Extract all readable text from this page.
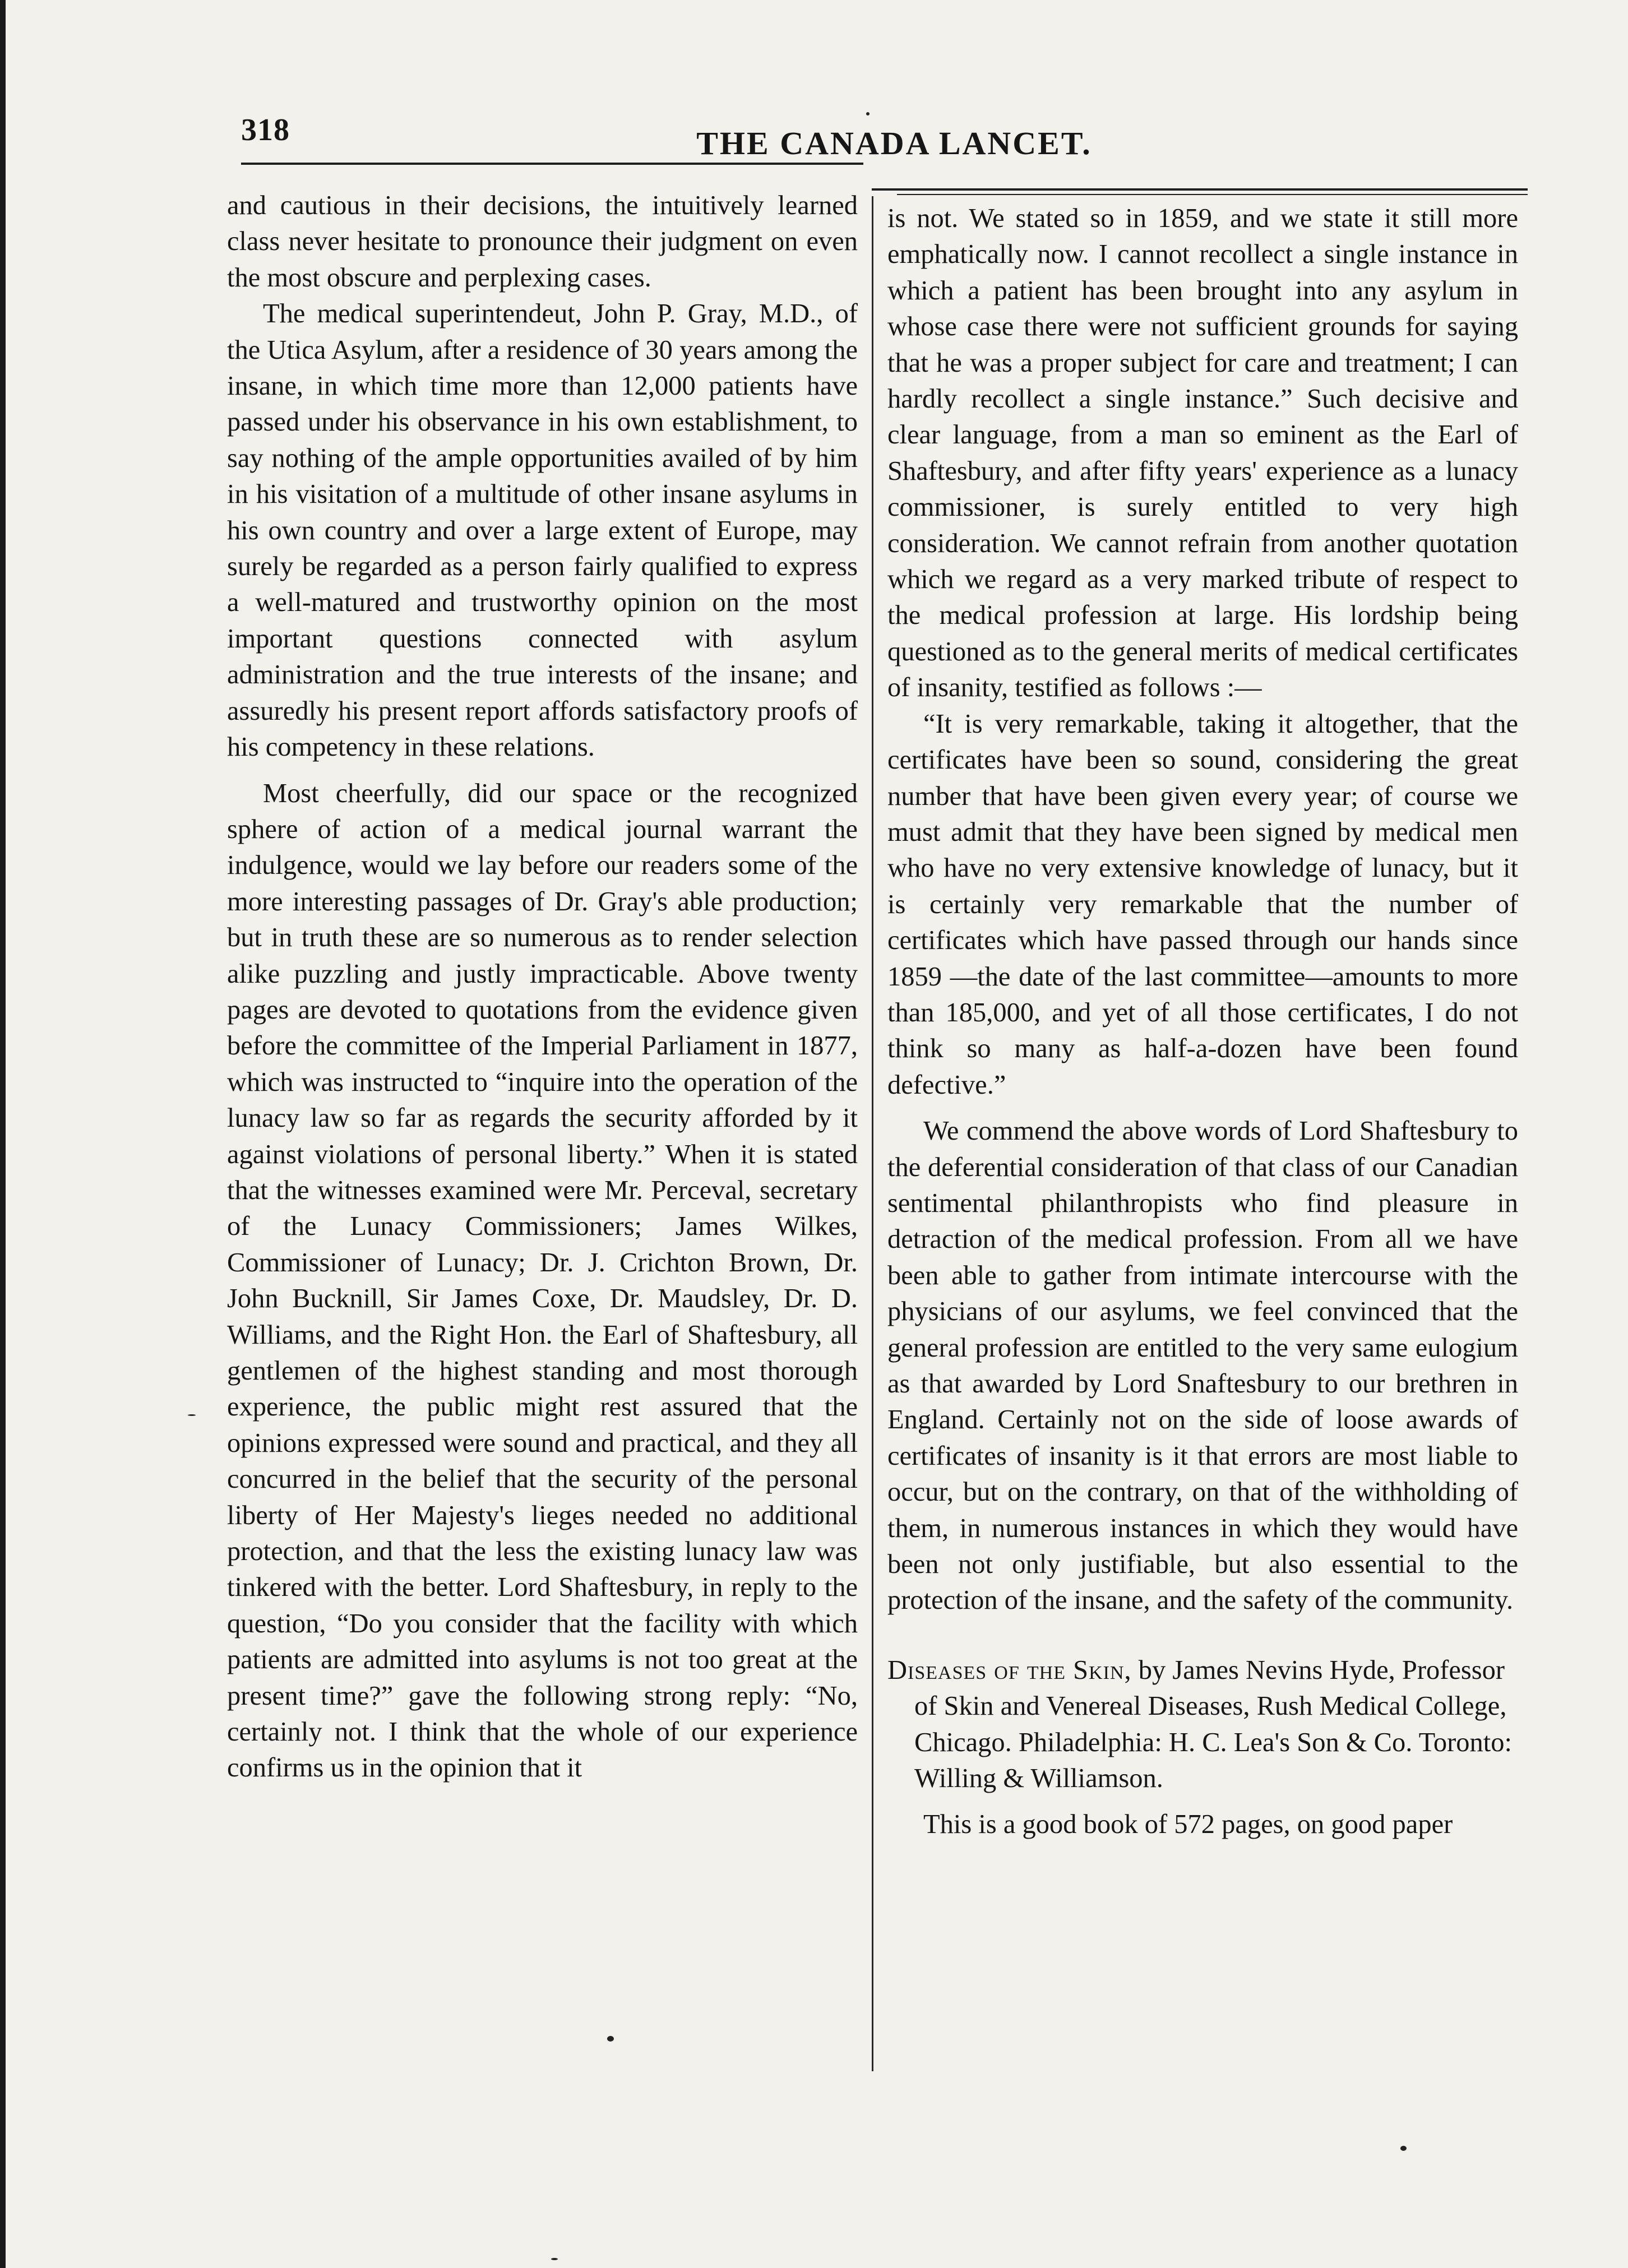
318	THE CANADA LANCET.

and cautious in their decisions, the intuitively learned class never hesitate to pronounce their judgment on even the most obscure and perplexing cases.

The medical superintendeut, John P. Gray, M.D., of the Utica Asylum, after a residence of 30 years among the insane, in which time more than 12,000 patients have passed under his observance in his own establishment, to say nothing of the ample opportunities availed of by him in his visitation of a multitude of other insane asylums in his own country and over a large extent of Europe, may surely be regarded as a person fairly qualified to express a well-matured and trustworthy opinion on the most important questions connected with asylum administration and the true interests of the insane; and assuredly his present report affords satisfactory proofs of his competency in these relations.

Most cheerfully, did our space or the recognized sphere of action of a medical journal warrant the indulgence, would we lay before our readers some of the more interesting passages of Dr. Gray's able production; but in truth these are so numerous as to render selection alike puzzling and justly impracticable. Above twenty pages are devoted to quotations from the evidence given before the committee of the Imperial Parliament in 1877, which was instructed to “inquire into the operation of the lunacy law so far as regards the security afforded by it against violations of personal liberty.” When it is stated that the witnesses examined were Mr. Perceval, secretary of the Lunacy Commissioners; James Wilkes, Commissioner of Lunacy; Dr. J. Crichton Brown, Dr. John Bucknill, Sir James Coxe, Dr. Maudsley, Dr. D. Williams, and the Right Hon. the Earl of Shaftesbury, all gentlemen of the highest standing and most thorough experience, the public might rest assured that the opinions expressed were sound and practical, and they all concurred in the belief that the security of the personal liberty of Her Majesty's lieges needed no additional protection, and that the less the existing lunacy law was tinkered with the better. Lord Shaftesbury, in reply to the question, “Do you consider that the facility with which patients are admitted into asylums is not too great at the present time?” gave the following strong reply: “No, certainly not. I think that the whole of our experience confirms us in the opinion that it

is not. We stated so in 1859, and we state it still more emphatically now. I cannot recollect a single instance in which a patient has been brought into any asylum in whose case there were not sufficient grounds for saying that he was a proper subject for care and treatment; I can hardly recollect a single instance.” Such decisive and clear language, from a man so eminent as the Earl of Shaftesbury, and after fifty years' experience as a lunacy commissioner, is surely entitled to very high consideration. We cannot refrain from another quotation which we regard as a very marked tribute of respect to the medical profession at large. His lordship being questioned as to the general merits of medical certificates of insanity, testified as follows :—

“It is very remarkable, taking it altogether, that the certificates have been so sound, considering the great number that have been given every year; of course we must admit that they have been signed by medical men who have no very extensive knowledge of lunacy, but it is certainly very remarkable that the number of certificates which have passed through our hands since 1859 —the date of the last committee—amounts to more than 185,000, and yet of all those certificates, I do not think so many as half-a-dozen have been found defective.”

We commend the above words of Lord Shaftesbury to the deferential consideration of that class of our Canadian sentimental philanthropists who find pleasure in detraction of the medical profession. From all we have been able to gather from intimate intercourse with the physicians of our asylums, we feel convinced that the general profession are entitled to the very same eulogium as that awarded by Lord Snaftesbury to our brethren in England. Certainly not on the side of loose awards of certificates of insanity is it that errors are most liable to occur, but on the contrary, on that of the withholding of them, in numerous instances in which they would have been not only justifiable, but also essential to the protection of the insane, and the safety of the community.

Diseases of the Skin, by James Nevins Hyde, Professor of Skin and Venereal Diseases, Rush Medical College, Chicago. Philadelphia: H. C. Lea's Son & Co. Toronto: Willing & Williamson.

This is a good book of 572 pages, on good paper
